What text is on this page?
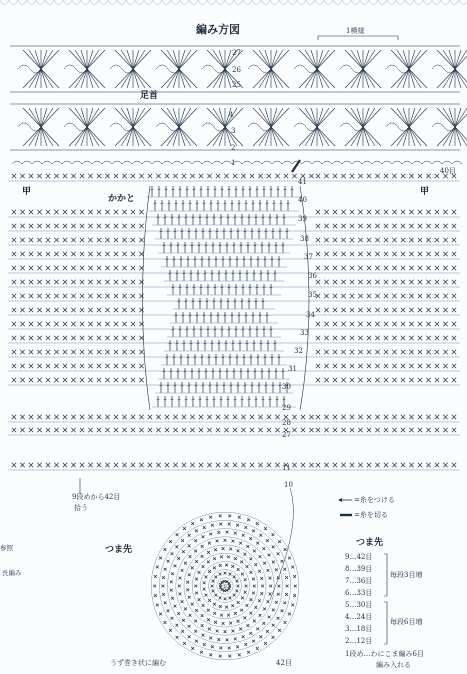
①
編み方図	1模様
足首
27
26
25
4
3
2
1
40目
甲	甲
かかと
41
40
39
38
37
36
35
34
33
32
31
30
29
28
27
11
10
9段めから42目
拾う
=糸をつける
=糸を切る
参照
長編み
つま先
うず巻き状に編む	42目
つま先
9…42目
8…39目
7…36目
6…33目
毎段3目増
5…30目
4…24目
3…18目
2…12目
毎段6目増
1段め…わにこま編み6目
編み入れる
